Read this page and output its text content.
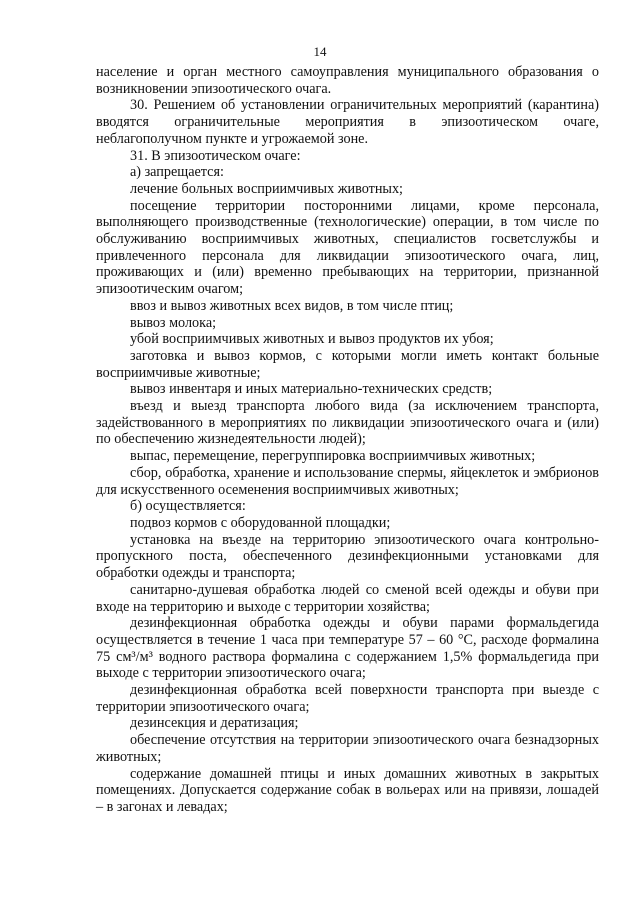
14

население и орган местного самоуправления муниципального образования о возникновении эпизоотического очага.

30. Решением об установлении ограничительных мероприятий (карантина) вводятся ограничительные мероприятия в эпизоотическом очаге, неблагополучном пункте и угрожаемой зоне.

31. В эпизоотическом очаге:

а) запрещается:

лечение больных восприимчивых животных;

посещение территории посторонними лицами, кроме персонала, выполняющего производственные (технологические) операции, в том числе по обслуживанию восприимчивых животных, специалистов госветслужбы и привлеченного персонала для ликвидации эпизоотического очага, лиц, проживающих и (или) временно пребывающих на территории, признанной эпизоотическим очагом;

ввоз и вывоз животных всех видов, в том числе птиц;

вывоз молока;

убой восприимчивых животных и вывоз продуктов их убоя;

заготовка и вывоз кормов, с которыми могли иметь контакт больные восприимчивые животные;

вывоз инвентаря и иных материально-технических средств;

въезд и выезд транспорта любого вида (за исключением транспорта, задействованного в мероприятиях по ликвидации эпизоотического очага и (или) по обеспечению жизнедеятельности людей);

выпас, перемещение, перегруппировка восприимчивых животных;

сбор, обработка, хранение и использование спермы, яйцеклеток и эмбрионов для искусственного осеменения восприимчивых животных;

б) осуществляется:

подвоз кормов с оборудованной площадки;

установка на въезде на территорию эпизоотического очага контрольно-пропускного поста, обеспеченного дезинфекционными установками для обработки одежды и транспорта;

санитарно-душевая обработка людей со сменой всей одежды и обуви при входе на территорию и выходе с территории хозяйства;

дезинфекционная обработка одежды и обуви парами формальдегида осуществляется в течение 1 часа при температуре 57 – 60 °С, расходе формалина 75 см³/м³ водного раствора формалина с содержанием 1,5% формальдегида при выходе с территории эпизоотического очага;

дезинфекционная обработка всей поверхности транспорта при выезде с территории эпизоотического очага;

дезинсекция и дератизация;

обеспечение отсутствия на территории эпизоотического очага безнадзорных животных;

содержание домашней птицы и иных домашних животных в закрытых помещениях. Допускается содержание собак в вольерах или на привязи, лошадей – в загонах и левадах;
